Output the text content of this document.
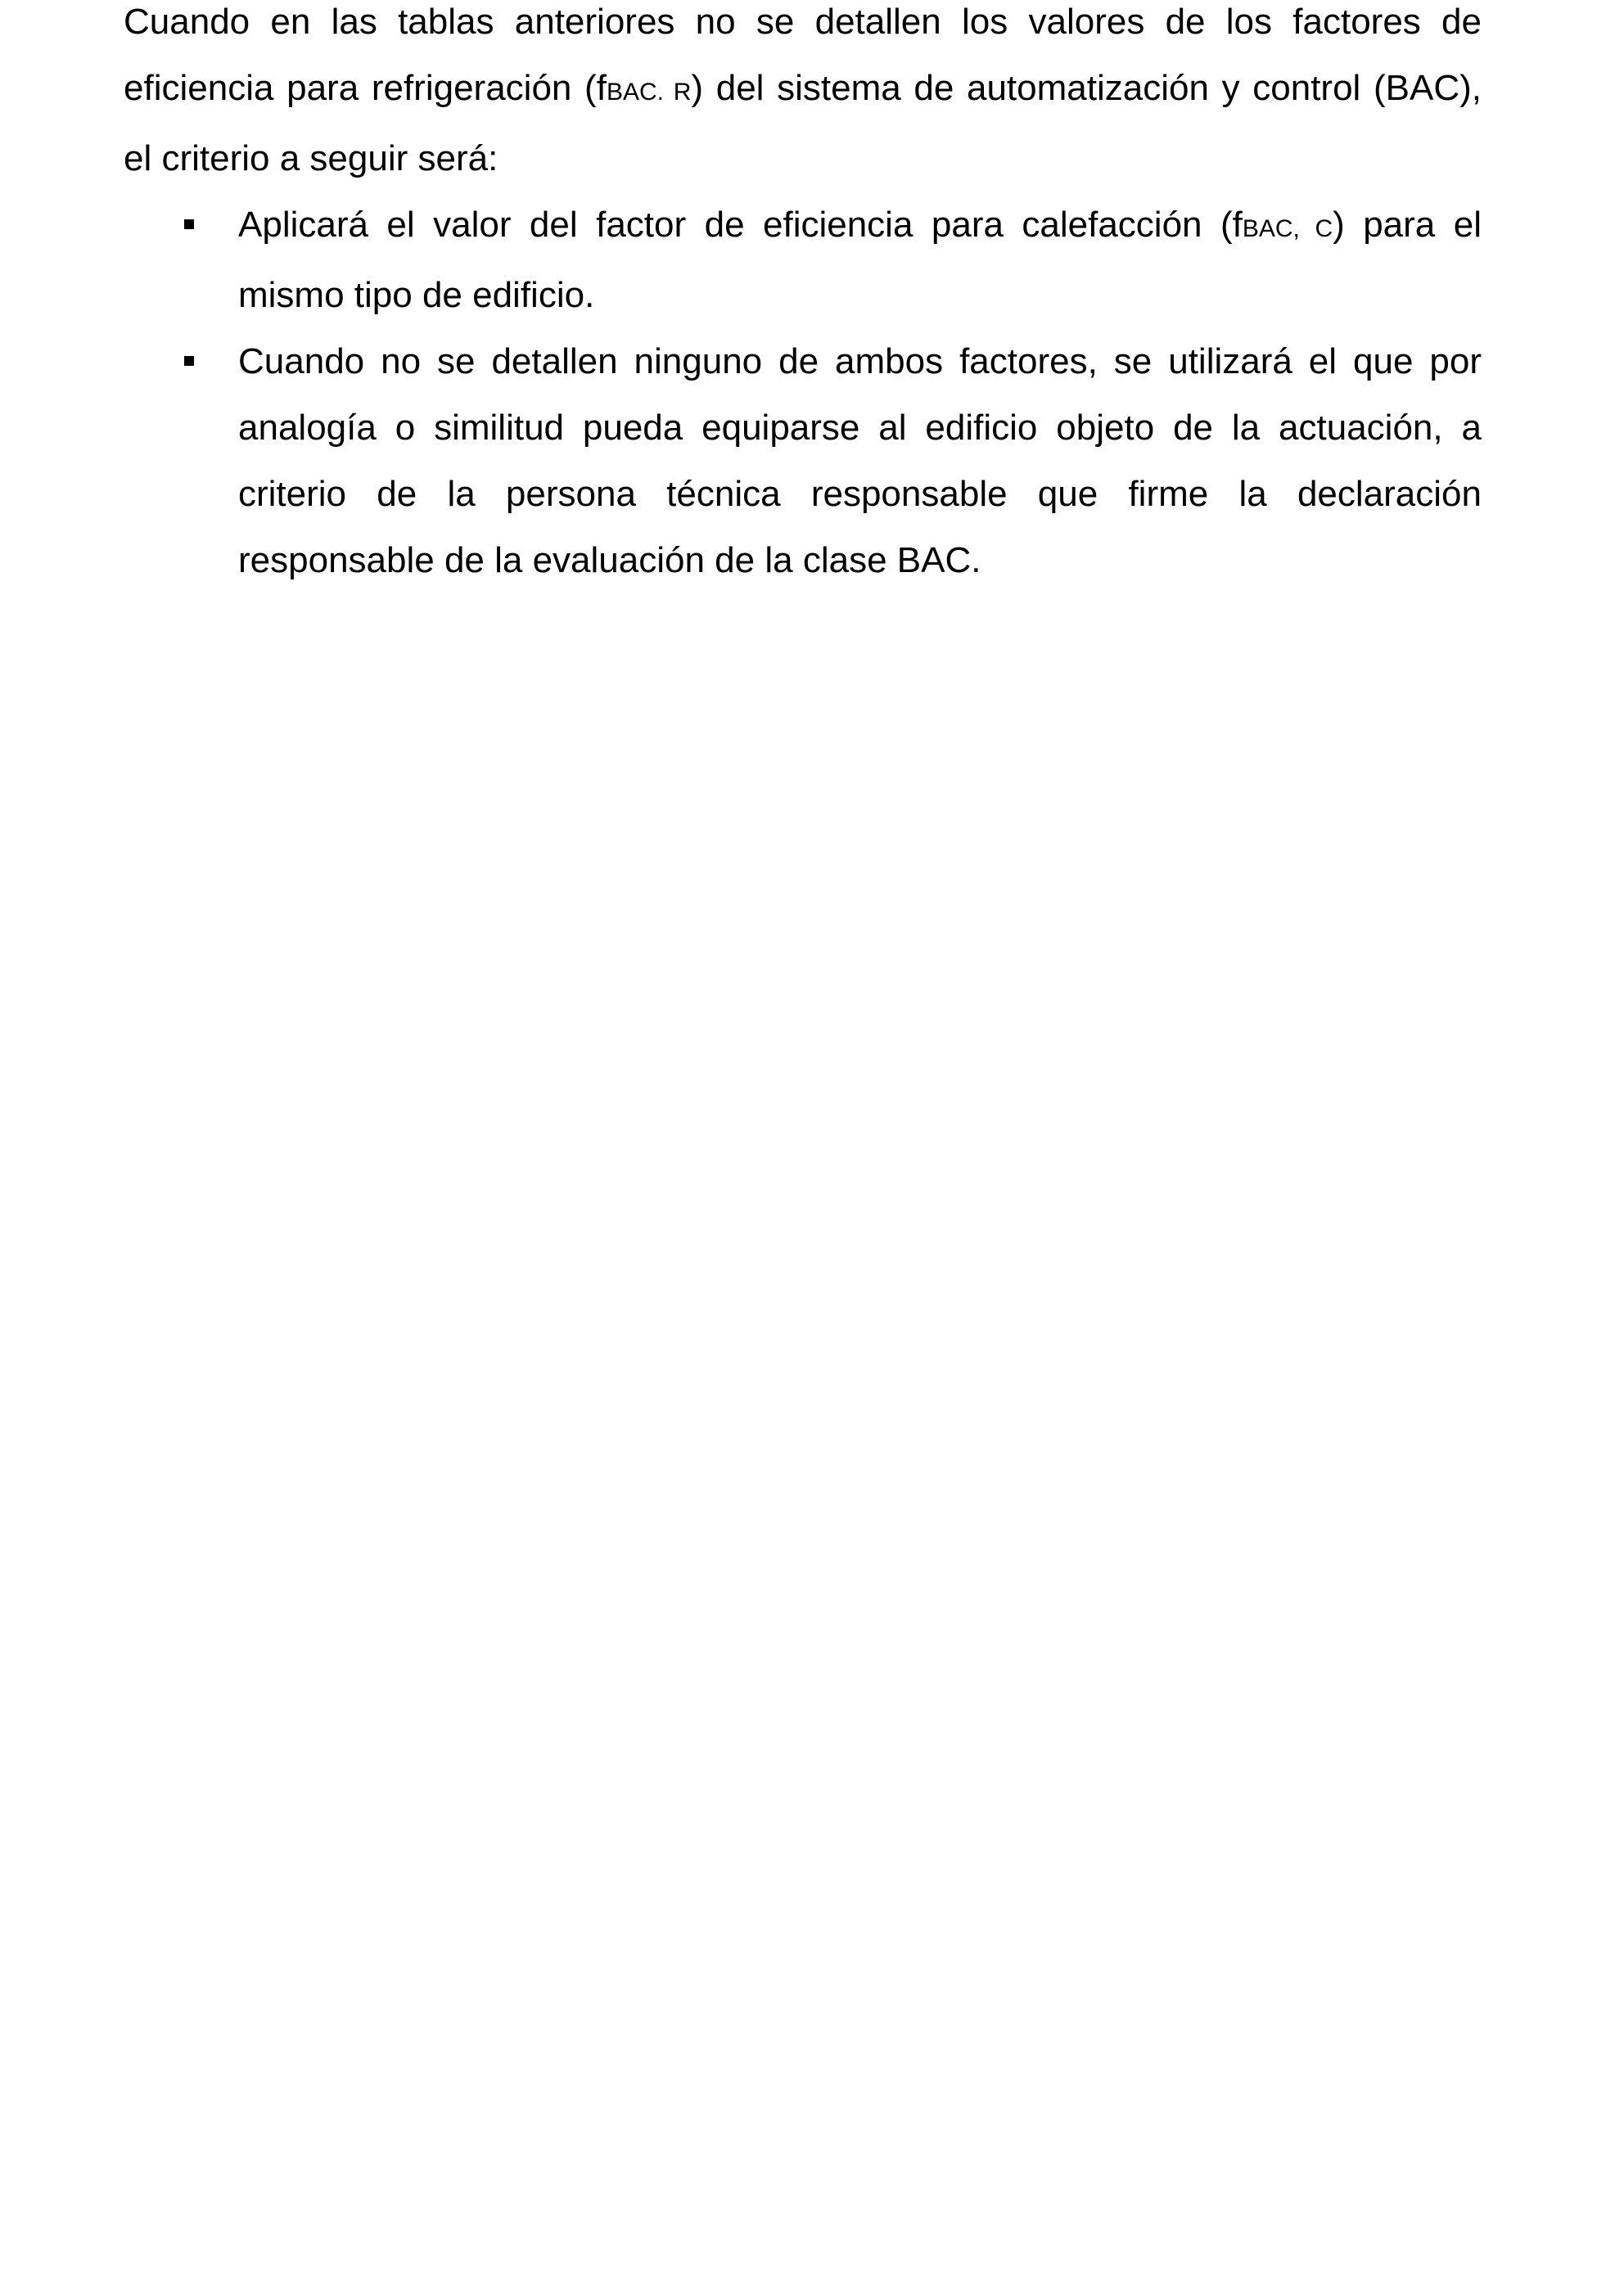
Cuando en las tablas anteriores no se detallen los valores de los factores de eficiencia para refrigeración (fBAC. R) del sistema de automatización y control (BAC), el criterio a seguir será:

Aplicará el valor del factor de eficiencia para calefacción (fBAC, C) para el mismo tipo de edificio.
Cuando no se detallen ninguno de ambos factores, se utilizará el que por analogía o similitud pueda equiparse al edificio objeto de la actuación, a criterio de la persona técnica responsable que firme la declaración responsable de la evaluación de la clase BAC.
